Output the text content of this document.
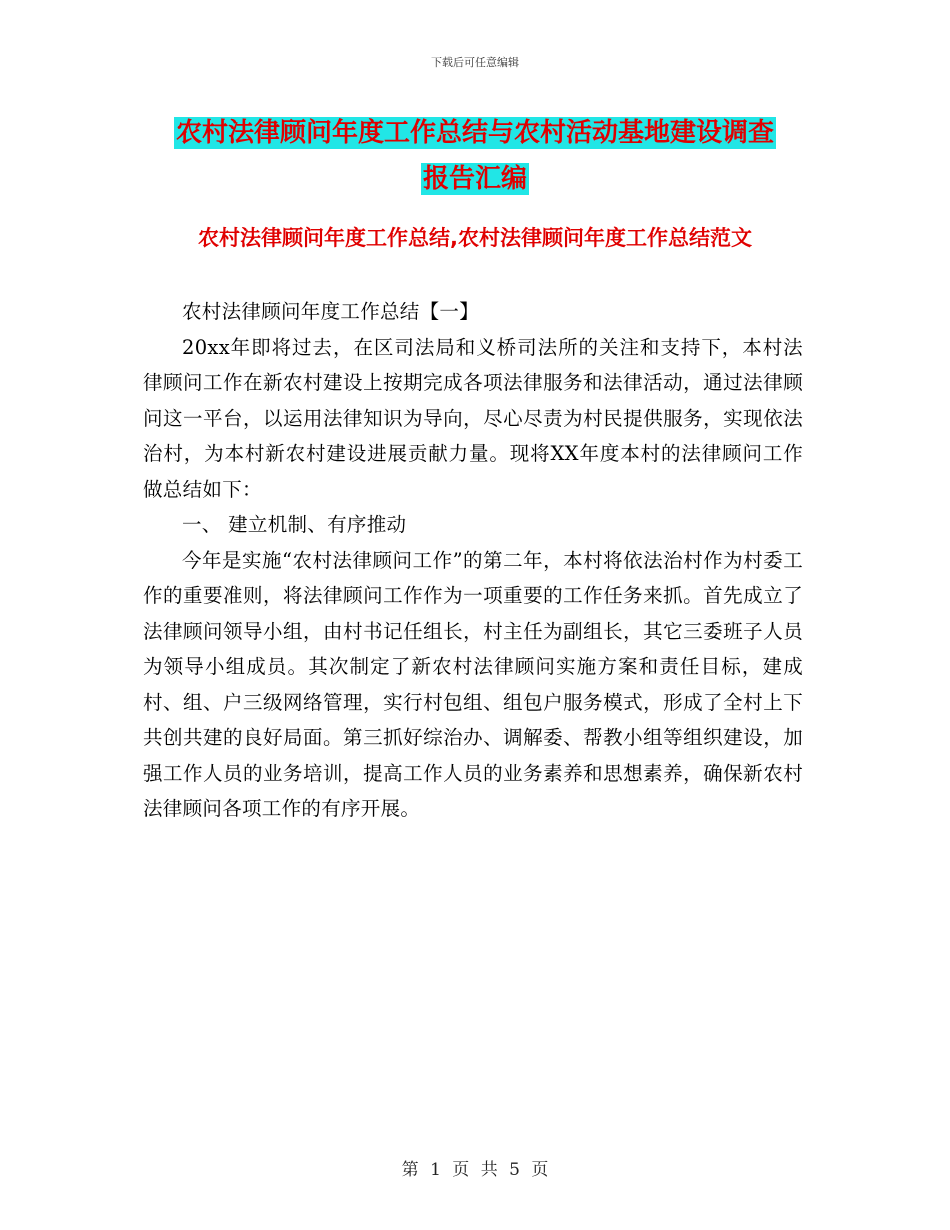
下载后可任意编辑
农村法律顾问年度工作总结与农村活动基地建设调查
报告汇编
农村法律顾问年度工作总结,农村法律顾问年度工作总结范文

农村法律顾问年度工作总结【一】

20xx年即将过去，在区司法局和义桥司法所的关注和支持下，本村法律顾问工作在新农村建设上按期完成各项法律服务和法律活动，通过法律顾问这一平台，以运用法律知识为导向，尽心尽责为村民提供服务，实现依法治村，为本村新农村建设进展贡献力量。现将XX年度本村的法律顾问工作做总结如下：

一、 建立机制、有序推动

今年是实施“农村法律顾问工作”的第二年，本村将依法治村作为村委工作的重要准则，将法律顾问工作作为一项重要的工作任务来抓。首先成立了法律顾问领导小组，由村书记任组长，村主任为副组长，其它三委班子人员为领导小组成员。其次制定了新农村法律顾问实施方案和责任目标，建成村、组、户三级网络管理，实行村包组、组包户服务模式，形成了全村上下共创共建的良好局面。第三抓好综治办、调解委、帮教小组等组织建设，加强工作人员的业务培训，提高工作人员的业务素养和思想素养，确保新农村法律顾问各项工作的有序开展。

第 1 页 共 5 页
